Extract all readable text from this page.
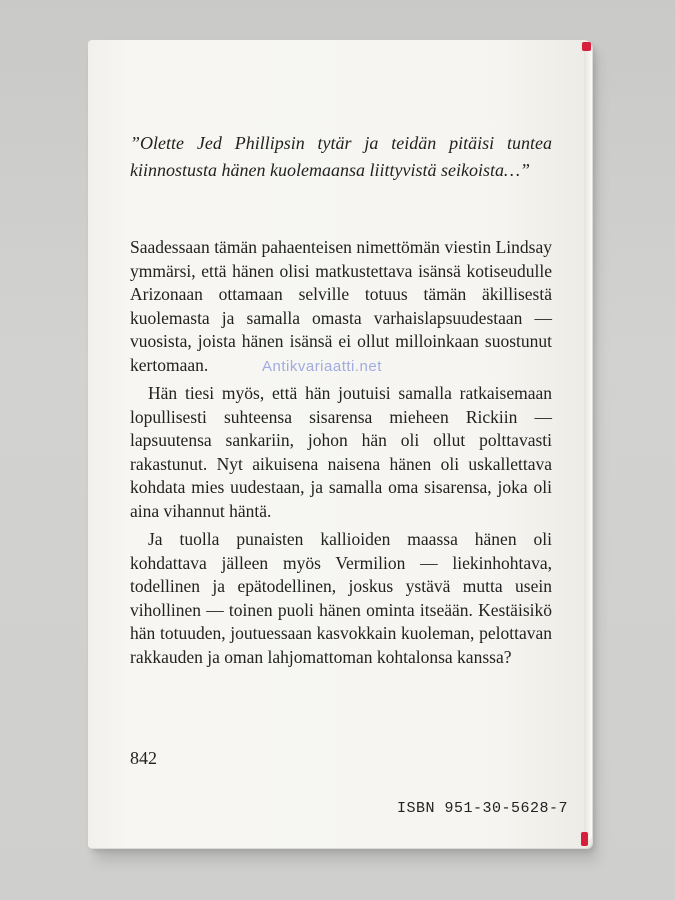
”Olette Jed Phillipsin tytär ja teidän pitäisi tuntea kiinnostusta hänen kuolemaansa liittyvistä seikoista…”

Saadessaan tämän pahaenteisen nimettömän viestin Lindsay ymmärsi, että hänen olisi matkustettava isänsä kotiseudulle Arizonaan ottamaan selville totuus tämän äkillisestä kuolemasta ja samalla omasta varhaislapsuudestaan — vuosista, joista hänen isänsä ei ollut milloinkaan suostunut kertomaan.

Hän tiesi myös, että hän joutuisi samalla ratkaisemaan lopullisesti suhteensa sisarensa mieheen Rickiin — lapsuutensa sankariin, johon hän oli ollut polttavasti rakastunut. Nyt aikuisena naisena hänen oli uskallettava kohdata mies uudestaan, ja samalla oma sisarensa, joka oli aina vihannut häntä.

Ja tuolla punaisten kallioiden maassa hänen oli kohdattava jälleen myös Vermilion — liekinhohtava, todellinen ja epätodellinen, joskus ystävä mutta usein vihollinen — toinen puoli hänen ominta itseään. Kestäisikö hän totuuden, joutuessaan kasvokkain kuoleman, pelottavan rakkauden ja oman lahjomattoman kohtalonsa kanssa?

842
ISBN 951-30-5628-7
Antikvariaatti.net
